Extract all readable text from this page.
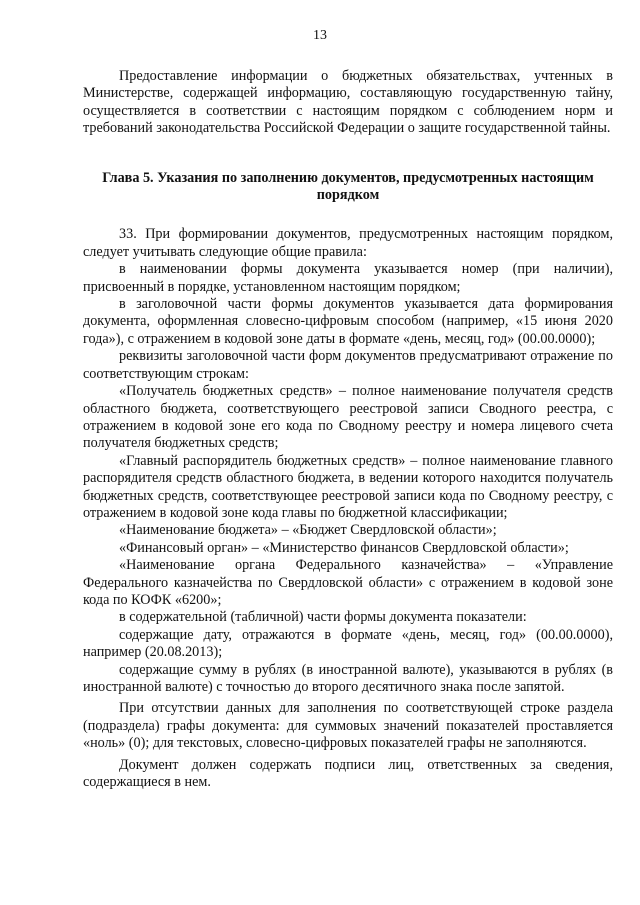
13

Предоставление информации о бюджетных обязательствах, учтенных в Министерстве, содержащей информацию, составляющую государственную тайну, осуществляется в соответствии с настоящим порядком с соблюдением норм и требований законодательства Российской Федерации о защите государственной тайны.

Глава 5. Указания по заполнению документов, предусмотренных настоящим порядком

33. При формировании документов, предусмотренных настоящим порядком, следует учитывать следующие общие правила:

в наименовании формы документа указывается номер (при наличии), присвоенный в порядке, установленном настоящим порядком;

в заголовочной части формы документов указывается дата формирования документа, оформленная словесно-цифровым способом (например, «15 июня 2020 года»), с отражением в кодовой зоне даты в формате «день, месяц, год» (00.00.0000);

реквизиты заголовочной части форм документов предусматривают отражение по соответствующим строкам:

«Получатель бюджетных средств» – полное наименование получателя средств областного бюджета, соответствующего реестровой записи Сводного реестра, с отражением в кодовой зоне его кода по Сводному реестру и номера лицевого счета получателя бюджетных средств;

«Главный распорядитель бюджетных средств» – полное наименование главного распорядителя средств областного бюджета, в ведении которого находится получатель бюджетных средств, соответствующее реестровой записи кода по Сводному реестру, с отражением в кодовой зоне кода главы по бюджетной классификации;

«Наименование бюджета» – «Бюджет Свердловской области»;

«Финансовый орган» – «Министерство финансов Свердловской области»;

«Наименование органа Федерального казначейства» – «Управление Федерального казначейства по Свердловской области» с отражением в кодовой зоне кода по КОФК «6200»;

в содержательной (табличной) части формы документа показатели:

содержащие дату, отражаются в формате «день, месяц, год» (00.00.0000), например (20.08.2013);

содержащие сумму в рублях (в иностранной валюте), указываются в рублях (в иностранной валюте) с точностью до второго десятичного знака после запятой.

При отсутствии данных для заполнения по соответствующей строке раздела (подраздела) графы документа: для суммовых значений показателей проставляется «ноль» (0); для текстовых, словесно-цифровых показателей графы не заполняются.

Документ должен содержать подписи лиц, ответственных за сведения, содержащиеся в нем.
